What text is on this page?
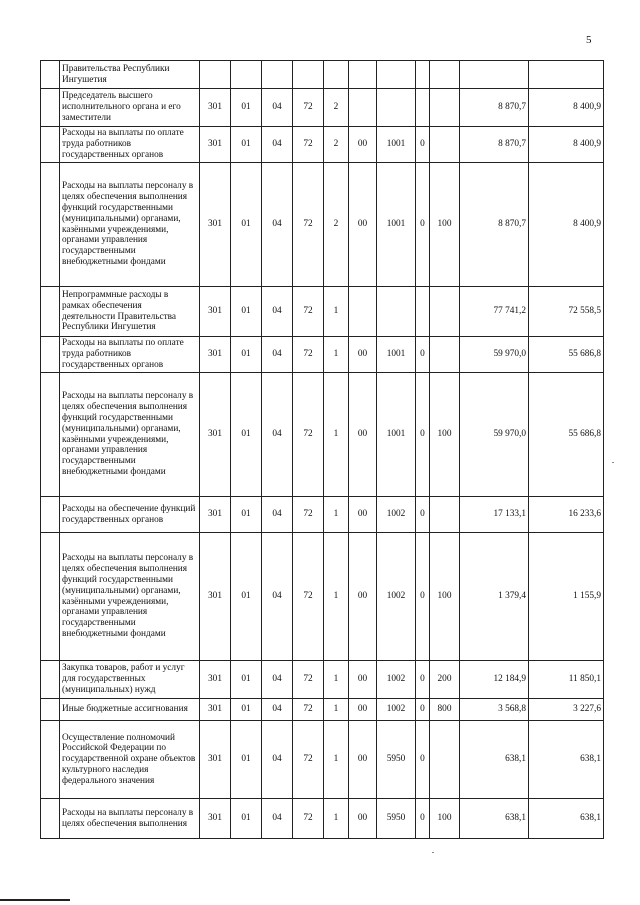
5
	Правительства Республики Ингушетия											
	Председатель высшего исполнительного органа и его заместители	301	01	04	72	2					8 870,7	8 400,9
	Расходы на выплаты по оплате труда работников государственных органов	301	01	04	72	2	00	1001	0		8 870,7	8 400,9
	Расходы на выплаты персоналу в целях обеспечения выполнения функций государственными (муниципальными) органами, казёнными учреждениями, органами управления государственными внебюджетными фондами	301	01	04	72	2	00	1001	0	100	8 870,7	8 400,9
	Непрограммные расходы в рамках обеспечения деятельности Правительства Республики Ингушетия	301	01	04	72	1					77 741,2	72 558,5
	Расходы на выплаты по оплате труда работников государственных органов	301	01	04	72	1	00	1001	0		59 970,0	55 686,8
	Расходы на выплаты персоналу в целях обеспечения выполнения функций государственными (муниципальными) органами, казёнными учреждениями, органами управления государственными внебюджетными фондами	301	01	04	72	1	00	1001	0	100	59 970,0	55 686,8
	Расходы на обеспечение функций государственных органов	301	01	04	72	1	00	1002	0		17 133,1	16 233,6
	Расходы на выплаты персоналу в целях обеспечения выполнения функций государственными (муниципальными) органами, казёнными учреждениями, органами управления государственными внебюджетными фондами	301	01	04	72	1	00	1002	0	100	1 379,4	1 155,9
	Закупка товаров, работ и услуг для государственных (муниципальных) нужд	301	01	04	72	1	00	1002	0	200	12 184,9	11 850,1
	Иные бюджетные ассигнования	301	01	04	72	1	00	1002	0	800	3 568,8	3 227,6
	Осуществление полномочий Российской Федерации по государственной охране объектов культурного наследия федерального значения	301	01	04	72	1	00	5950	0		638,1	638,1
	Расходы на выплаты персоналу в целях обеспечения выполнения	301	01	04	72	1	00	5950	0	100	638,1	638,1
